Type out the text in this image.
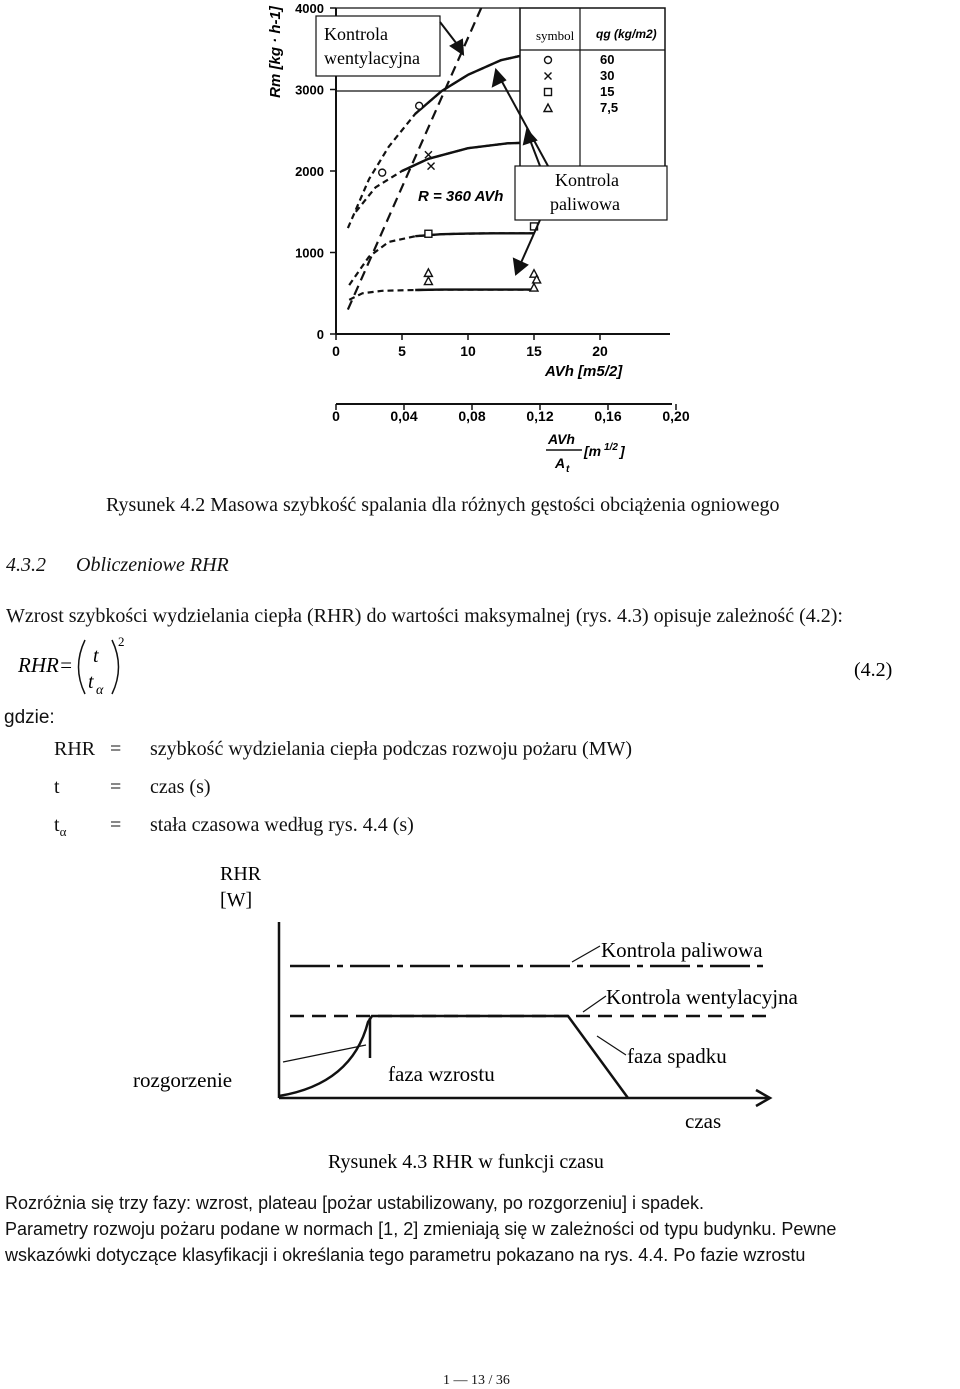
0
1000
2000
3000
4000
0	5	10	15	20
Rm [kg · h-1]
AVh [m5/2]
symbol qg (kg/m2)
60
30
15
7,5
Kontrola
wentylacyjna
Kontrola
paliwowa
R = 360 AVh
0	0,04	0,08	0,12	0,16	0,20
AVh
A t
[m 1/2 ]
Rysunek 4.2 Masowa szybkość spalania dla różnych gęstości obciążenia ogniowego
4.3.2 Obliczeniowe RHR
Wzrost szybkości wydzielania ciepła (RHR) do wartości maksymalnej (rys. 4.3) opisuje zależność (4.2):
RHR= t
t α
2
(4.2)
gdzie:
RHR = szybkość wydzielania ciepła podczas rozwoju pożaru (MW)
t	= czas (s)
$t_\alpha$ = stała czasowa według rys. 4.4 (s)
RHR
[W]
Kontrola paliwowa
Kontrola wentylacyjna
rozgorzenie	faza wzrostu
faza spadku
czas
Rysunek 4.3 RHR w funkcji czasu
Rozróżnia się trzy fazy: wzrost, plateau [pożar ustabilizowany, po rozgorzeniu] i spadek.
Parametry rozwoju pożaru podane w normach [1, 2] zmieniają się w zależności od typu budynku. Pewne
wskazówki dotyczące klasyfikacji i określania tego parametru pokazano na rys. 4.4. Po fazie wzrostu
1 — 13 / 36
